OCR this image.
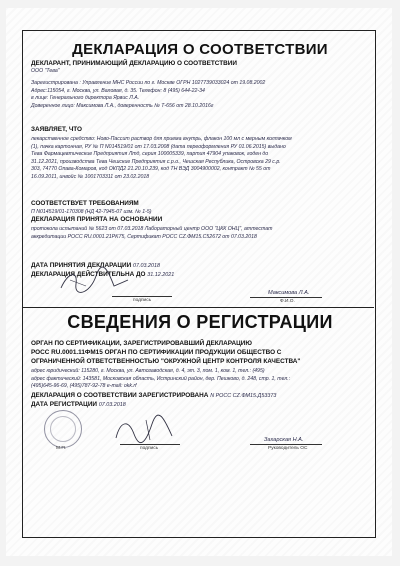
ДЕКЛАРАЦИЯ О СООТВЕТСТВИИ
ДЕКЛАРАНТ, ПРИНИМАЮЩИЙ ДЕКЛАРАЦИЮ О СООТВЕТСТВИИ
ООО "Тева"
Зарегистрирована : Управление МНС России по г. Москве ОГРН 1027739033024 от 19.08.2002
Адрес:115054, г. Москва, ул. Валовая, д. 35. Телефон: 8 (495) 644-22-34
в лице: Генерального директора Ярвис Л.А.
Доверенное лицо: Максимова Л.А., доверенность № Т-656 от 28.10.2016г
ЗАЯВЛЯЕТ, ЧТО
лекарственное средство: Ново-Пассит раствор для приема внутрь, флакон 100 мл с мерным колпачком
(1), пачка картонная, РУ № П N014519/01 от 17.03.2008 (дата переоформления РУ 01.06.2015) выдано
Тева Фармацевтические Предприятия Лтд, серия 100005339, партия 47904 упаковок, годен до
31.12.2021, производства Тева Чешские Предприятия с.р.о., Чешская Республика, Островска 29 с.р.
303, 74770 Опава-Комаров, код ОКПД2 21.20.10.239, код ТН ВЭД 3004900002, контракт № 55 от
16.09.2011, инвойс № 1001703311 от 23.02.2018
СООТВЕТСТВУЕТ ТРЕБОВАНИЯМ
П N014519/01-170308 (НД 42-7945-07 изм. № 1-5)
ДЕКЛАРАЦИЯ ПРИНЯТА НА ОСНОВАНИИ
протокола испытаний № 5623 от 07.03.2018 Лабораторный центр ООО "ЦКК ОНЦ", аттестат
аккредитации РОСС RU.0001.21PK75, Сертификат РОСС CZ.ФМ15.C52672 от 07.03.2018
ДАТА ПРИНЯТИЯ ДЕКЛАРАЦИИ 07.03.2018
ДЕКЛАРАЦИЯ ДЕЙСТВИТЕЛЬНА ДО 31.12.2021
подпись
Максимова Л.А.
Ф.И.О.
СВЕДЕНИЯ О РЕГИСТРАЦИИ
ОРГАН ПО СЕРТИФИКАЦИИ, ЗАРЕГИСТРИРОВАВШИЙ ДЕКЛАРАЦИЮ
РОСС RU.0001.11ФМ15 ОРГАН ПО СЕРТИФИКАЦИИ ПРОДУКЦИИ ОБЩЕСТВО С
ОГРАНИЧЕННОЙ ОТВЕТСТВЕННОСТЬЮ "ОКРУЖНОЙ ЦЕНТР КОНТРОЛЯ КАЧЕСТВА"
адрес юридический: 115280, г. Москва, ул. Автозаводская, д. 4, эт. 3, пом. 1, ком. 1, тел.: (495)
адрес фактический: 143581, Московская область, Истринский район, дер. Пешково, д. 248, стр. 1, тел.:
(495)645-96-69, (495)787-92-78 e-mail: okk.rf
ДЕКЛАРАЦИЯ О СООТВЕТСТВИИ ЗАРЕГИСТРИРОВАНА N РОСС CZ.ФМ15.Д53373
ДАТА РЕГИСТРАЦИИ 07.03.2018
подпись
М.П.
Захарская Н.А.
Руководитель ОС
